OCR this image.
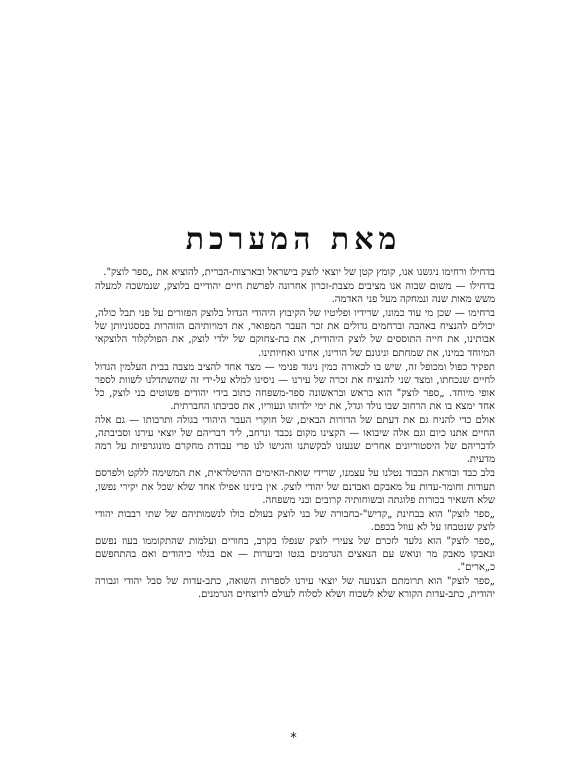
מאת המערכת

בדחילו ורחימו ניגשנו אנו, קומץ קטן של יוצאי לוצק בישראל ובארצות-הברית, להוציא את „ספר לוצק".

בדחילו — משום שבוה אנו מציבים מצבת-זכרון אחרונה לפרשת חיים יהודיים בלוצק, שנמשכה למעלה משש מאות שנה ונמחקה מעל פני האדמה.

ברחימו — שכן מי עוד כמונו, שרידיו ופליטיו של הקיבוץ היהודי הגדול בלוצק הפזורים על פני תבל כולה, יכולים להנציח באהבה וברחמים גדולים את זכר העבר המפואר, את דמויותיהם הזוהרות בססגוניותן של אבותינו, את חייה התוססים של לוצק היהודית, את בת-צחוקם של ילדי לוצק, את הפולקלור הלוצקאי המיוחד במינו, את שמחתם וניגונם של הורינו, אחינו ואחיותינו.

תפקיד כפול ומכופל זה, שיש בו לכאורה כמין ניגוד פנימי — מצד אחד להציב מצבה בבית העלמין הגדול לחיים שנכחתו, ומצד שני להנציח את זכרה של עירנו — ניסינו למלא על-ידי זה שהשתדלנו לשוות לספר אופי מיוחד. „ספר לוצק" הוא בראש ובראשונה ספר-משפחה כתוב בידי יהודים פשוטים בני לוצק, כל אחד ימצא בו את הרחוב שבו נולד וגדל, את ימי ילדותו ונעוריו, את סביבתו החברתית.

אולם כדי להניח גם את דעתם של הדורות הבאים, של חוקרי העבר היהודי בגולה ותרבותו — גם אלה החיים אתנו כיום וגם אלה שיבואו — הקצינו מקום נכבד ונרחב, ליד דבריהם של יוצאי עירנו וסביבתה, לדבריהם של היסטוריונים אחרים שנעזנו לבקשתנו והגישו לנו פרי עבודת מחקרם מונוגרפיות על רמה מדעית.

בלב כבד ובוראת הכבוד נטלנו על עצמנו, שרידי שואת-האימים ההיטלראית, את המשימה ללקט ולפרסם תעודות וחומר-עדות על מאבקם ואבדנם של יהודי לוצק. אין בינינו אפילו אחד שלא שכל את יקירי נפשו, שלא השאיר בכורות פלוגתה ובשוחותיה קרובים ובני משפחה.

„ספר לוצק" הוא בבחינת „קדיש"-בחבורה של בני לוצק בעולם כולו לנשמותיהם של שתי רבבות יהודי לוצק שנטבחו על לא עוול בכפם.

„ספר לוצק" הוא גלעד לזכרם של צעירי לוצק שנפלו בקרב, בחורים ועלמות שהתקוממו בעוז נפשם ונאבקו מאבק מר ונואש עם הנאצים הגרמנים בגטו וביערות — אם בגלוי כיהודים ואם בהתחפשם כ„ארים".

„ספר לוצק" הוא תרומתם הצנועה של יוצאי עירנו לספרות השואה, כתב-עדות של סבל יהודי וגבורה יהודית, כתב-עדות הקורא שלא לשכוח ושלא לסלוח לעולם לרוצחים הגרמנים.

*
